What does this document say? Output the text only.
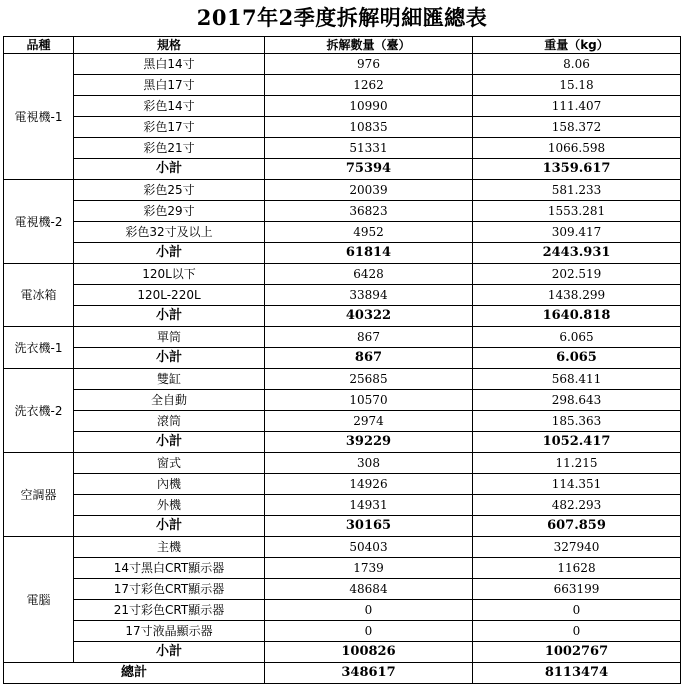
2017年2季度拆解明細匯總表
品種	規格	拆解數量（臺）	重量（kg）
電視機-1	黑白14寸	976	8.06
	黑白17寸	1262	15.18
	彩色14寸	10990	111.407
	彩色17寸	10835	158.372
	彩色21寸	51331	1066.598
	小計	75394	1359.617
電視機-2	彩色25寸	20039	581.233
	彩色29寸	36823	1553.281
	彩色32寸及以上	4952	309.417
	小計	61814	2443.931
電冰箱	120L以下	6428	202.519
	120L-220L	33894	1438.299
	小計	40322	1640.818
洗衣機-1	單筒	867	6.065
	小計	867	6.065
洗衣機-2	雙缸	25685	568.411
	全自動	10570	298.643
	滾筒	2974	185.363
	小計	39229	1052.417
空調器	窗式	308	11.215
	內機	14926	114.351
	外機	14931	482.293
	小計	30165	607.859
電腦	主機	50403	327940
	14寸黑白CRT顯示器	1739	11628
	17寸彩色CRT顯示器	48684	663199
	21寸彩色CRT顯示器	0	0
	17寸液晶顯示器	0	0
	小計	100826	1002767
總計		348617	8113474
